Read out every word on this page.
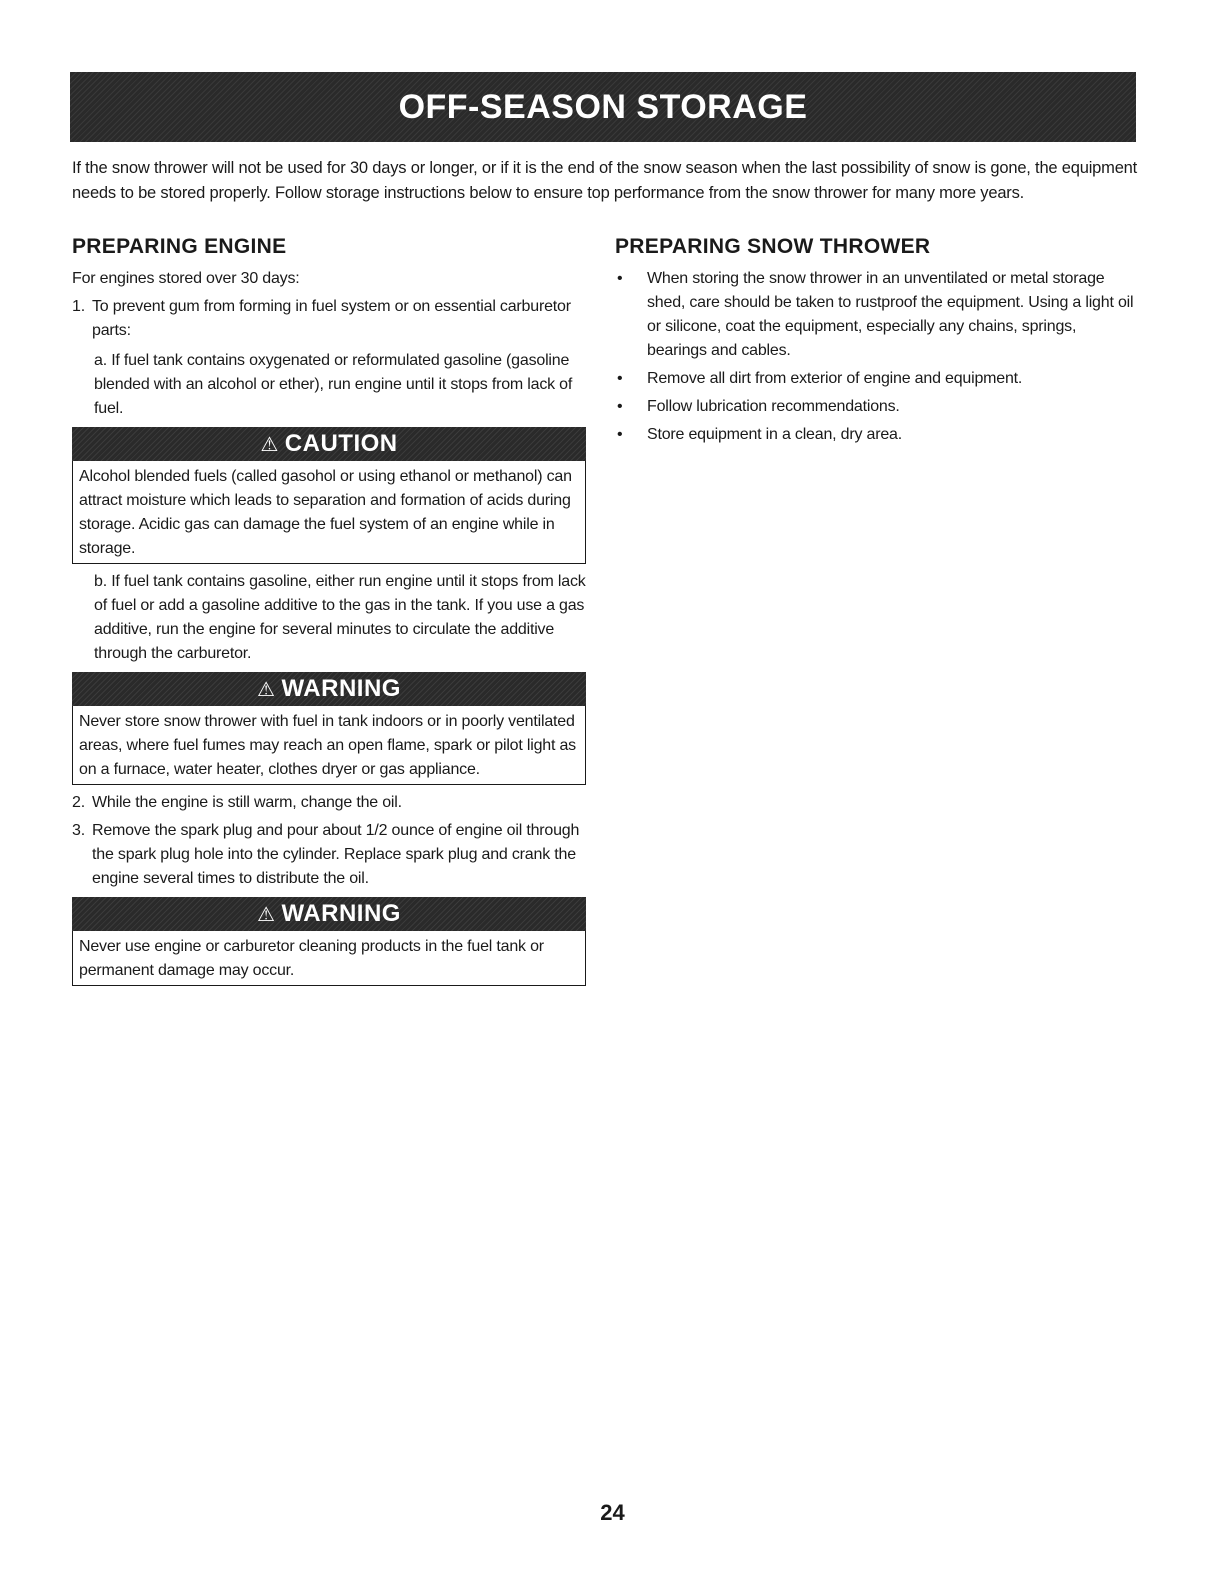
OFF-SEASON STORAGE
If the snow thrower will not be used for 30 days or longer, or if it is the end of the snow season when the last possibility of snow is gone, the equipment needs to be stored properly. Follow storage instructions below to ensure top performance from the snow thrower for many more years.
PREPARING ENGINE

For engines stored over 30 days:

1. To prevent gum from forming in fuel system or on essential carburetor parts:
a. If fuel tank contains oxygenated or reformulated gasoline (gasoline blended with an alcohol or ether), run engine until it stops from lack of fuel.
⚠ CAUTION
Alcohol blended fuels (called gasohol or using ethanol or methanol) can attract moisture which leads to separation and formation of acids during storage. Acidic gas can damage the fuel system of an engine while in storage.
b. If fuel tank contains gasoline, either run engine until it stops from lack of fuel or add a gasoline additive to the gas in the tank. If you use a gas additive, run the engine for several minutes to circulate the additive through the carburetor.
⚠ WARNING
Never store snow thrower with fuel in tank indoors or in poorly ventilated areas, where fuel fumes may reach an open flame, spark or pilot light as on a furnace, water heater, clothes dryer or gas appliance.
2. While the engine is still warm, change the oil.
3. Remove the spark plug and pour about 1/2 ounce of engine oil through the spark plug hole into the cylinder. Replace spark plug and crank the engine several times to distribute the oil.
⚠ WARNING
Never use engine or carburetor cleaning products in the fuel tank or permanent damage may occur.
PREPARING SNOW THROWER
•	When storing the snow thrower in an unventilated or metal storage shed, care should be taken to rustproof the equipment. Using a light oil or silicone, coat the equipment, especially any chains, springs, bearings and cables.
•	Remove all dirt from exterior of engine and equipment.
•	Follow lubrication recommendations.
•	Store equipment in a clean, dry area.
24
